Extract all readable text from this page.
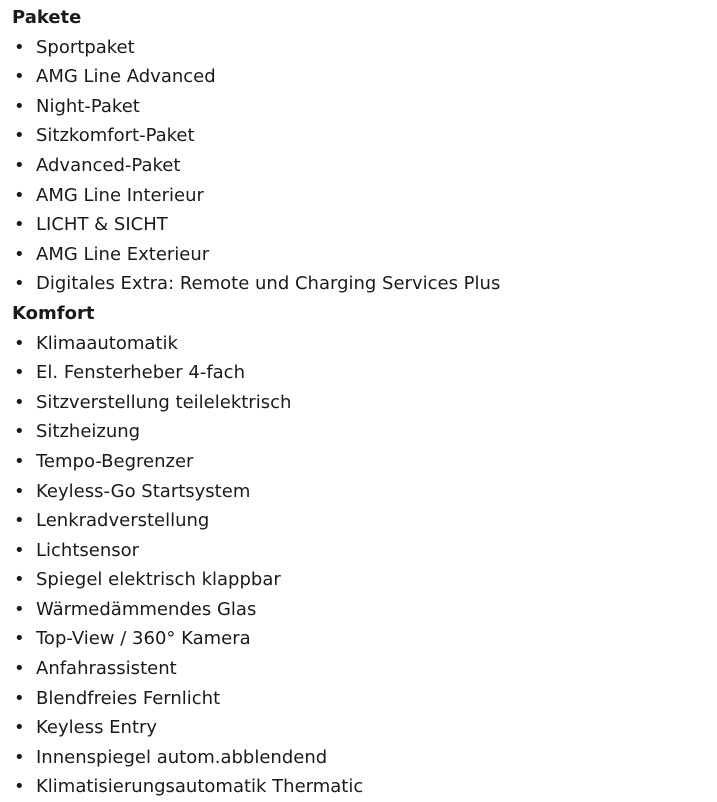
Pakete
• Sportpaket
• AMG Line Advanced
• Night-Paket
• Sitzkomfort-Paket
• Advanced-Paket
• AMG Line Interieur
• LICHT & SICHT
• AMG Line Exterieur
• Digitales Extra: Remote und Charging Services Plus
Komfort
• Klimaautomatik
• El. Fensterheber 4-fach
• Sitzverstellung teilelektrisch
• Sitzheizung
• Tempo-Begrenzer
• Keyless-Go Startsystem
• Lenkradverstellung
• Lichtsensor
• Spiegel elektrisch klappbar
• Wärmedämmendes Glas
• Top-View / 360° Kamera
• Anfahrassistent
• Blendfreies Fernlicht
• Keyless Entry
• Innenspiegel autom.abblendend
• Klimatisierungsautomatik Thermatic
